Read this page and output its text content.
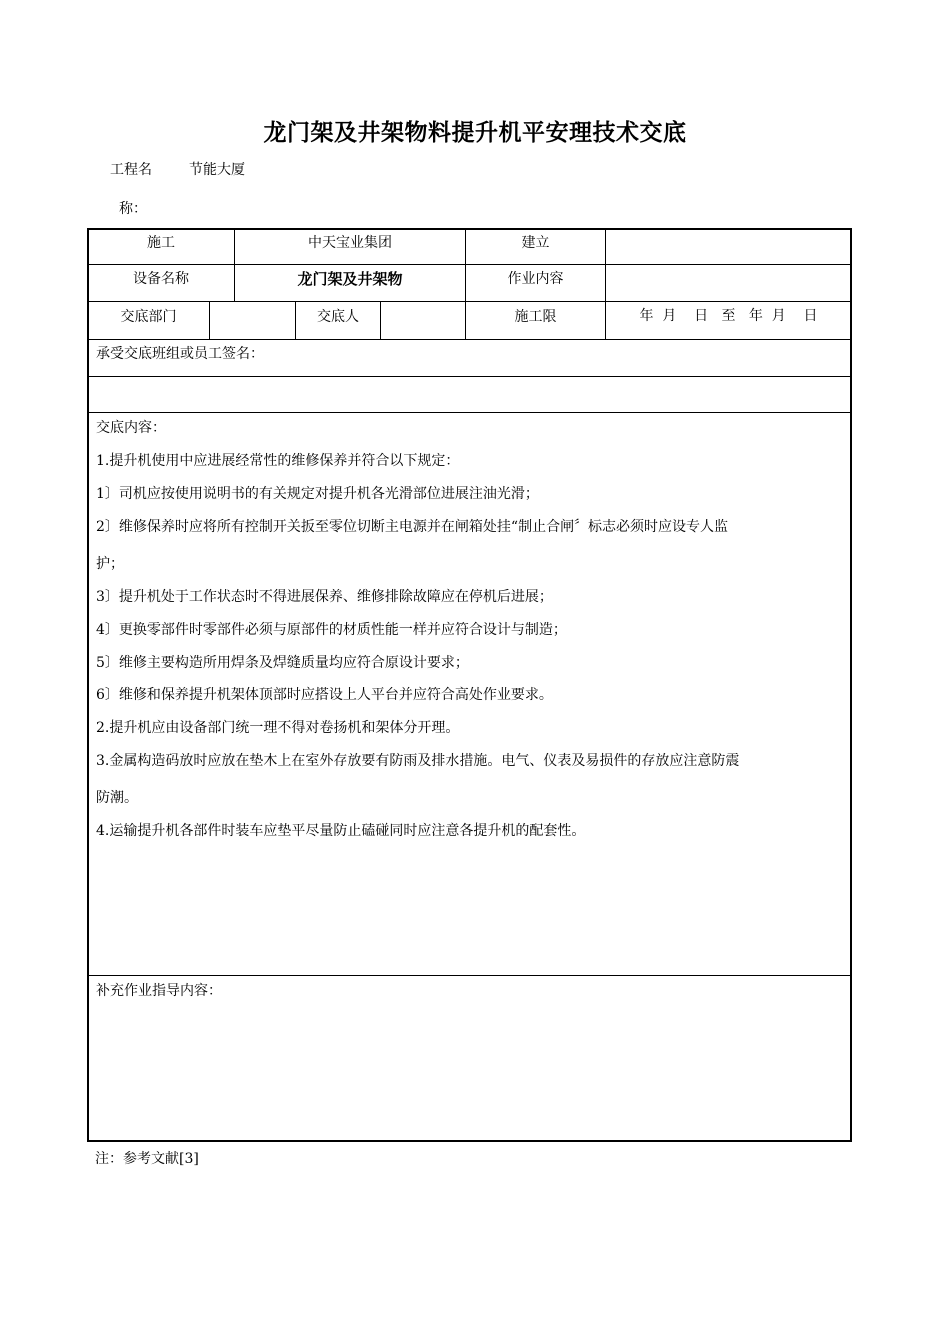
龙门架及井架物料提升机平安理技术交底
工程名	节能大厦
称：
施工	中天宝业集团	建立
设备名称	龙门架及井架物	作业内容
交底部门	交底人	施工限	年  月    日   至   年  月    日
承受交底班组或员工签名：
交底内容：
1.提升机使用中应进展经常性的维修保养并符合以下规定：
1〕司机应按使用说明书的有关规定对提升机各光滑部位进展注油光滑；
2〕维修保养时应将所有控制开关扳至零位切断主电源并在闸箱处挂“制止合闸〞标志必须时应设专人监
护；
3〕提升机处于工作状态时不得进展保养、维修排除故障应在停机后进展；
4〕更换零部件时零部件必须与原部件的材质性能一样并应符合设计与制造；
5〕维修主要构造所用焊条及焊缝质量均应符合原设计要求；
6〕维修和保养提升机架体顶部时应搭设上人平台并应符合高处作业要求。
2.提升机应由设备部门统一理不得对卷扬机和架体分开理。
3.金属构造码放时应放在垫木上在室外存放要有防雨及排水措施。电气、仪表及易损件的存放应注意防震
防潮。
4.运输提升机各部件时装车应垫平尽量防止磕碰同时应注意各提升机的配套性。
补充作业指导内容：
注：参考文献[3]
